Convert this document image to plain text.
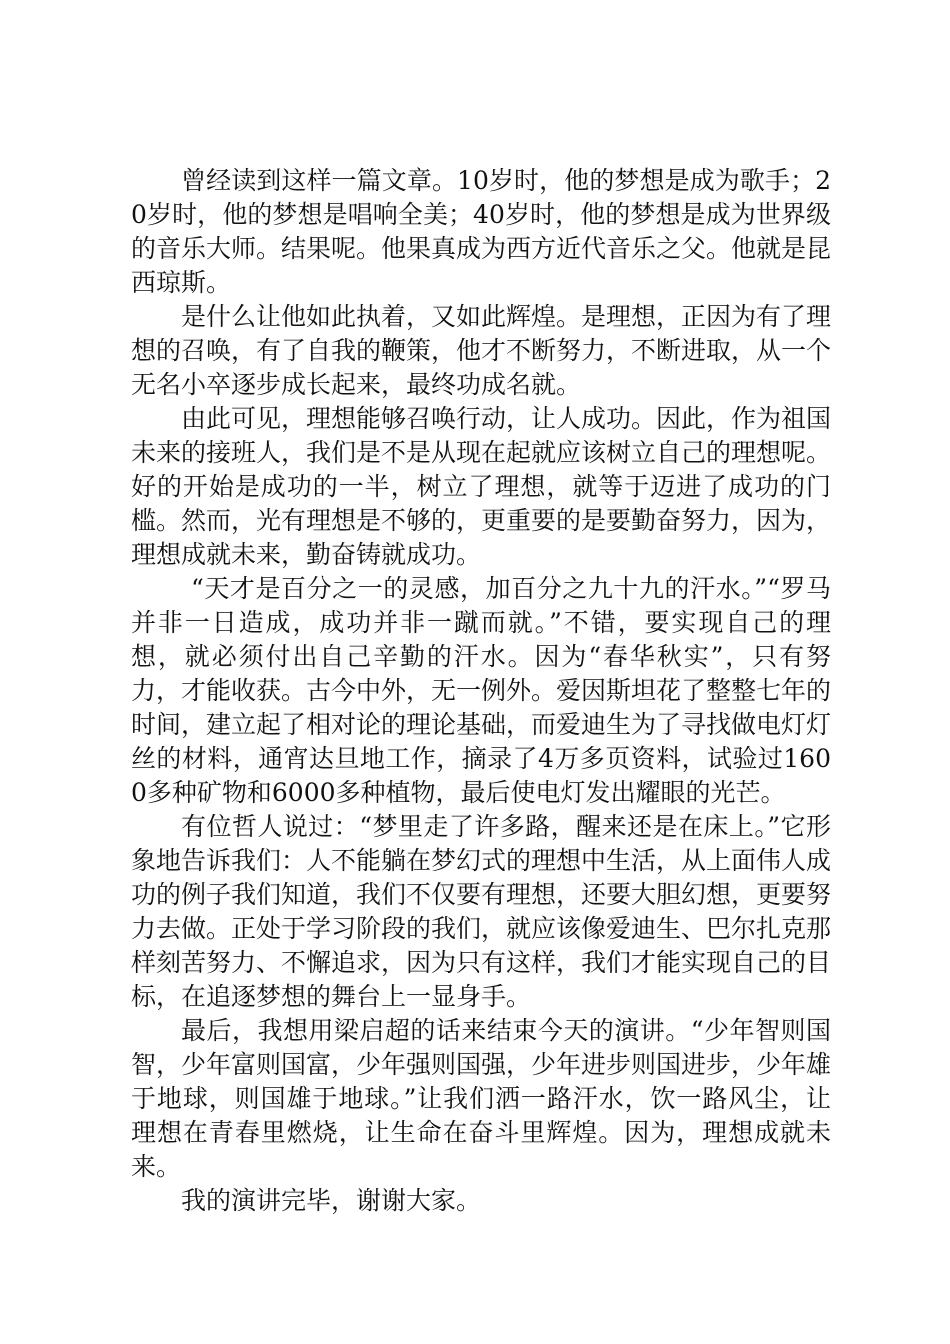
曾经读到这样一篇文章。10岁时，他的梦想是成为歌手；20岁时，他的梦想是唱响全美；40岁时，他的梦想是成为世界级的音乐大师。结果呢。他果真成为西方近代音乐之父。他就是昆西琼斯。

是什么让他如此执着，又如此辉煌。是理想，正因为有了理想的召唤，有了自我的鞭策，他才不断努力，不断进取，从一个无名小卒逐步成长起来，最终功成名就。

由此可见，理想能够召唤行动，让人成功。因此，作为祖国未来的接班人，我们是不是从现在起就应该树立自己的理想呢。好的开始是成功的一半，树立了理想，就等于迈进了成功的门槛。然而，光有理想是不够的，更重要的是要勤奋努力，因为，理想成就未来，勤奋铸就成功。

“天才是百分之一的灵感，加百分之九十九的汗水。”“罗马并非一日造成，成功并非一蹴而就。”不错，要实现自己的理想，就必须付出自己辛勤的汗水。因为“春华秋实”，只有努力，才能收获。古今中外，无一例外。爱因斯坦花了整整七年的时间，建立起了相对论的理论基础，而爱迪生为了寻找做电灯灯丝的材料，通宵达旦地工作，摘录了4万多页资料，试验过1600多种矿物和6000多种植物，最后使电灯发出耀眼的光芒。

有位哲人说过：“梦里走了许多路，醒来还是在床上。”它形象地告诉我们：人不能躺在梦幻式的理想中生活，从上面伟人成功的例子我们知道，我们不仅要有理想，还要大胆幻想，更要努力去做。正处于学习阶段的我们，就应该像爱迪生、巴尔扎克那样刻苦努力、不懈追求，因为只有这样，我们才能实现自己的目标，在追逐梦想的舞台上一显身手。

最后，我想用梁启超的话来结束今天的演讲。“少年智则国智，少年富则国富，少年强则国强，少年进步则国进步，少年雄于地球，则国雄于地球。”让我们洒一路汗水，饮一路风尘，让理想在青春里燃烧，让生命在奋斗里辉煌。因为，理想成就未来。

我的演讲完毕，谢谢大家。
